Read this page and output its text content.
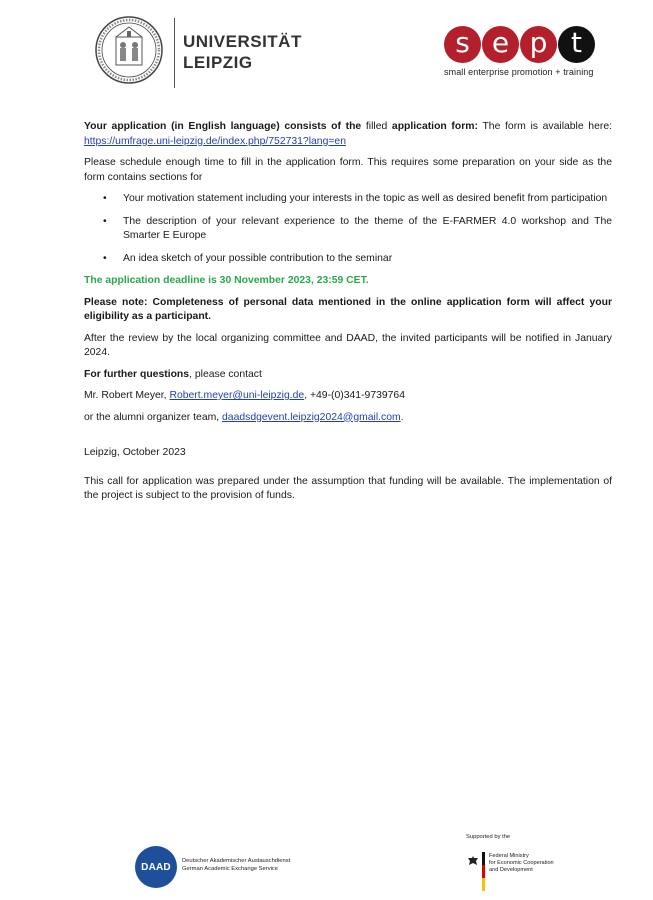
UNIVERSITÄT
LEIPZIG
s e p t
small enterprise promotion + training

Your application (in English language) consists of the filled application form: The form is available here: https://umfrage.uni-leipzig.de/index.php/752731?lang=en

Please schedule enough time to fill in the application form. This requires some preparation on your side as the form contains sections for

• Your motivation statement including your interests in the topic as well as desired benefit from participation
• The description of your relevant experience to the theme of the E-FARMER 4.0 workshop and The Smarter E Europe
• An idea sketch of your possible contribution to the seminar

The application deadline is 30 November 2023, 23:59 CET.

Please note: Completeness of personal data mentioned in the online application form will affect your eligibility as a participant.

After the review by the local organizing committee and DAAD, the invited participants will be notified in January 2024.

For further questions, please contact

Mr. Robert Meyer, Robert.meyer@uni-leipzig.de, +49-(0)341-9739764

or the alumni organizer team, daadsdgevent.leipzig2024@gmail.com.

Leipzig, October 2023

This call for application was prepared under the assumption that funding will be available. The implementation of the project is subject to the provision of funds.

DAAD
Deutscher Akademischer Austauschdienst
German Academic Exchange Service
Supported by the
Federal Ministry
for Economic Cooperation
and Development
